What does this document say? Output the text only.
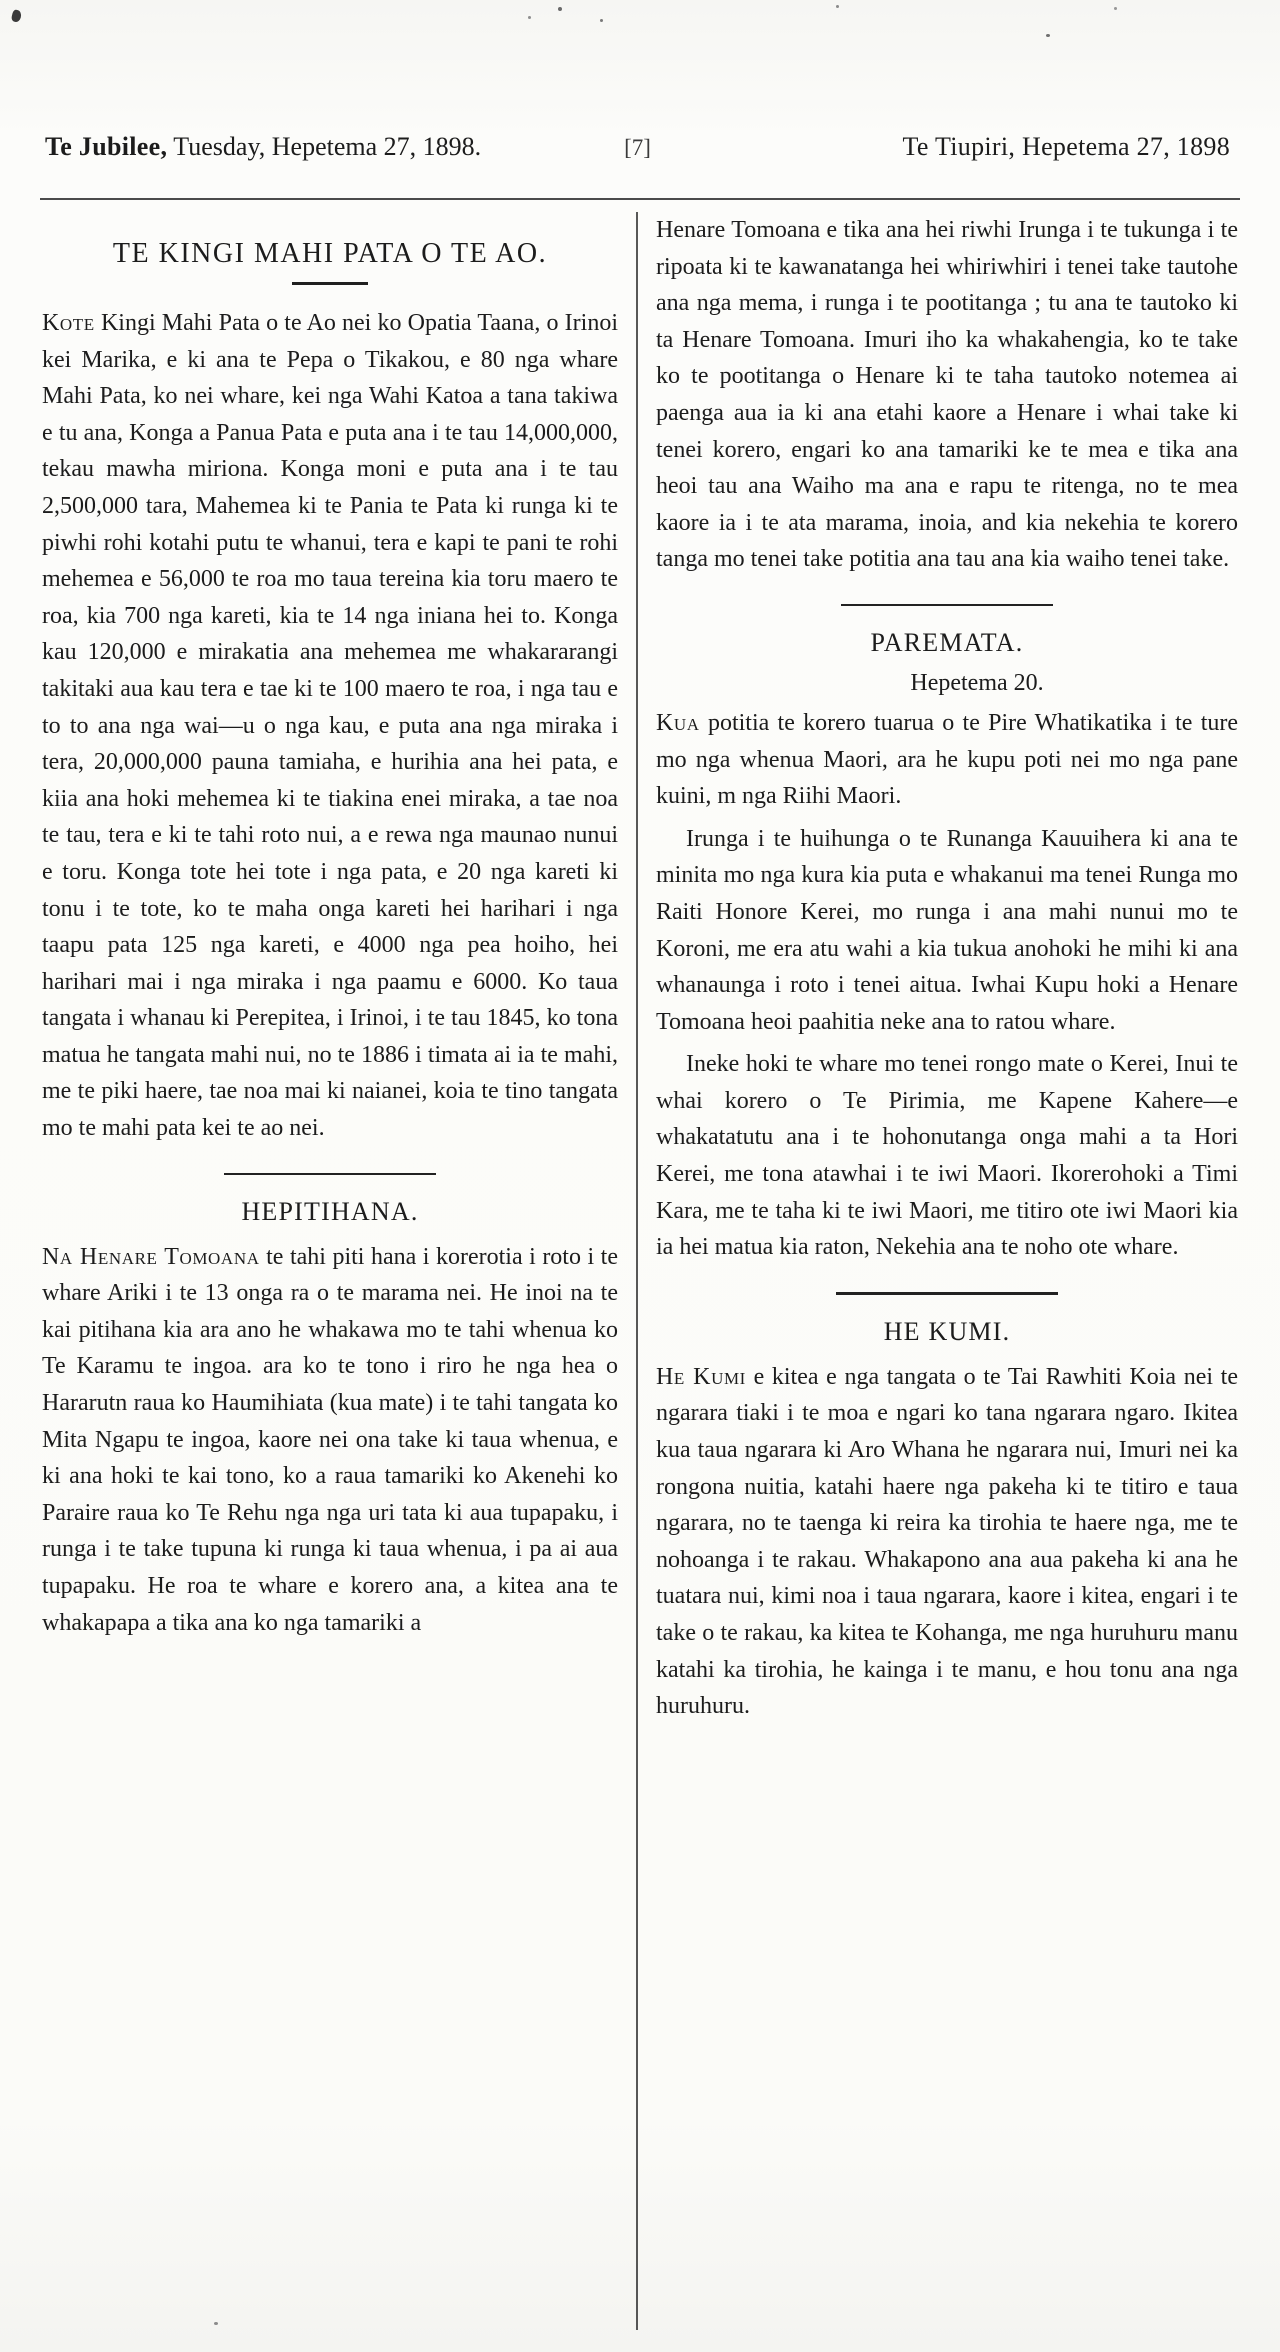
Te Jubilee, Tuesday, Hepetema 27, 1898.	[7]	Te Tiupiri, Hepetema 27, 1898
TE KINGI MAHI PATA O TE AO.

Kote Kingi Mahi Pata o te Ao nei ko Opatia Taana, o Irinoi kei Marika, e ki ana te Pepa o Tikakou, e 80 nga whare Mahi Pata, ko nei whare, kei nga Wahi Katoa a tana takiwa e tu ana, Konga a Panua Pata e puta ana i te tau 14,000,000, tekau mawha miriona. Konga moni e puta ana i te tau 2,500,000 tara, Mahemea ki te Pania te Pata ki runga ki te piwhi rohi kotahi putu te whanui, tera e kapi te pani te rohi mehemea e 56,000 te roa mo taua tereina kia toru maero te roa, kia 700 nga kareti, kia te 14 nga iniana hei to. Konga kau 120,000 e mirakatia ana mehemea me whakararangi takitaki aua kau tera e tae ki te 100 maero te roa, i nga tau e to to ana nga wai—u o nga kau, e puta ana nga miraka i tera, 20,000,000 pauna tamiaha, e hurihia ana hei pata, e kiia ana hoki mehemea ki te tiakina enei miraka, a tae noa te tau, tera e ki te tahi roto nui, a e rewa nga maunao nunui e toru. Konga tote hei tote i nga pata, e 20 nga kareti ki tonu i te tote, ko te maha onga kareti hei harihari i nga taapu pata 125 nga kareti, e 4000 nga pea hoiho, hei harihari mai i nga miraka i nga paamu e 6000. Ko taua tangata i whanau ki Perepitea, i Irinoi, i te tau 1845, ko tona matua he tangata mahi nui, no te 1886 i timata ai ia te mahi, me te piki haere, tae noa mai ki naianei, koia te tino tangata mo te mahi pata kei te ao nei.

HEPITIHANA.

Na Henare Tomoana te tahi piti hana i korerotia i roto i te whare Ariki i te 13 onga ra o te marama nei. He inoi na te kai pitihana kia ara ano he whakawa mo te tahi whenua ko Te Karamu te ingoa. ara ko te tono i riro he nga hea o Hararutn raua ko Haumihiata (kua mate) i te tahi tangata ko Mita Ngapu te ingoa, kaore nei ona take ki taua whenua, e ki ana hoki te kai tono, ko a raua tamariki ko Akenehi ko Paraire raua ko Te Rehu nga nga uri tata ki aua tupapaku, i runga i te take tupuna ki runga ki taua whenua, i pa ai aua tupapaku. He roa te whare e korero ana, a kitea ana te whakapapa a tika ana ko nga tamariki a

Henare Tomoana e tika ana hei riwhi Irunga i te tukunga i te ripoata ki te kawanatanga hei whiriwhiri i tenei take tautohe ana nga mema, i runga i te pootitanga ; tu ana te tautoko ki ta Henare Tomoana. Imuri iho ka whakahengia, ko te take ko te pootitanga o Henare ki te taha tautoko notemea ai paenga aua ia ki ana etahi kaore a Henare i whai take ki tenei korero, engari ko ana tamariki ke te mea e tika ana heoi tau ana Waiho ma ana e rapu te ritenga, no te mea kaore ia i te ata marama, inoia, and kia nekehia te korero tanga mo tenei take potitia ana tau ana kia waiho tenei take.

PAREMATA.
Hepetema 20.

Kua potitia te korero tuarua o te Pire Whatikatika i te ture mo nga whenua Maori, ara he kupu poti nei mo nga pane kuini, m nga Riihi Maori.

Irunga i te huihunga o te Runanga Kauuihera ki ana te minita mo nga kura kia puta e whakanui ma tenei Runga mo Raiti Honore Kerei, mo runga i ana mahi nunui mo te Koroni, me era atu wahi a kia tukua anohoki he mihi ki ana whanaunga i roto i tenei aitua. Iwhai Kupu hoki a Henare Tomoana heoi paahitia neke ana to ratou whare.

Ineke hoki te whare mo tenei rongo mate o Kerei, Inui te whai korero o Te Pirimia, me Kapene Kahere—e whakatatutu ana i te hohonutanga onga mahi a ta Hori Kerei, me tona atawhai i te iwi Maori. Ikorerohoki a Timi Kara, me te taha ki te iwi Maori, me titiro ote iwi Maori kia ia hei matua kia raton, Nekehia ana te noho ote whare.

HE KUMI.

He Kumi e kitea e nga tangata o te Tai Rawhiti Koia nei te ngarara tiaki i te moa e ngari ko tana ngarara ngaro. Ikitea kua taua ngarara ki Aro Whana he ngarara nui, Imuri nei ka rongona nuitia, katahi haere nga pakeha ki te titiro e taua ngarara, no te taenga ki reira ka tirohia te haere nga, me te nohoanga i te rakau. Whakapono ana aua pakeha ki ana he tuatara nui, kimi noa i taua ngarara, kaore i kitea, engari i te take o te rakau, ka kitea te Kohanga, me nga huruhuru manu katahi ka tirohia, he kainga i te manu, e hou tonu ana nga huruhuru.
